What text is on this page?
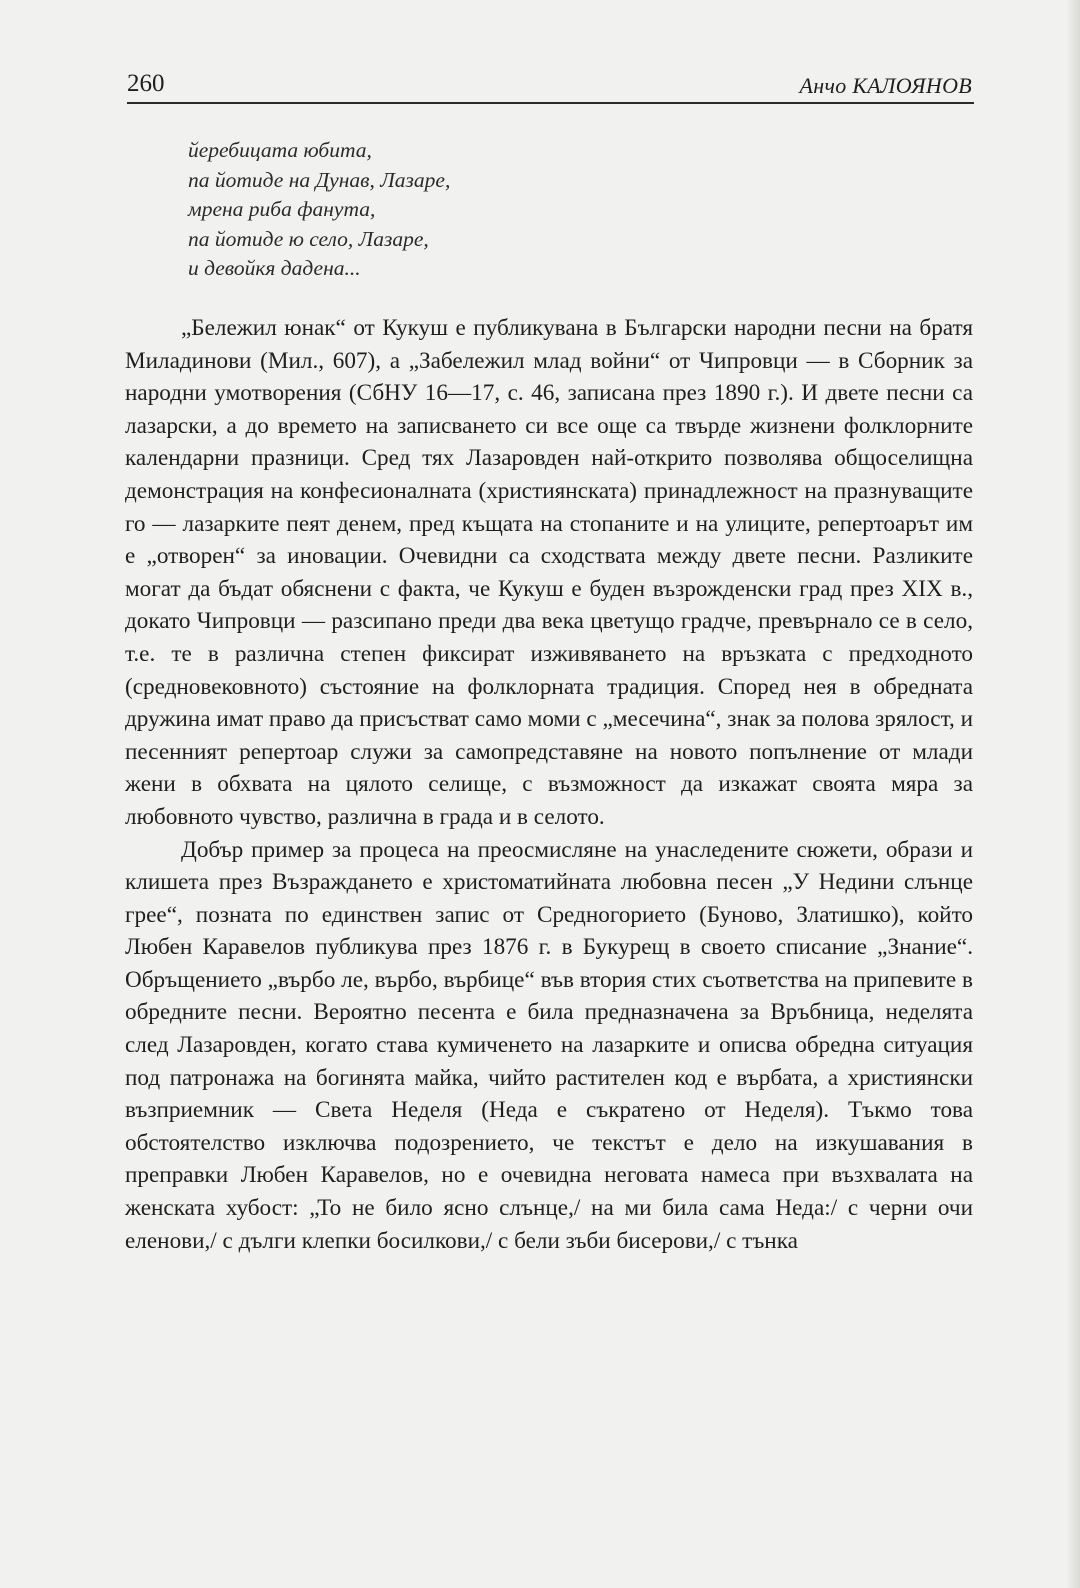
260	Анчо КАЛОЯНОВ
йеребицата юбита,
па йотиде на Дунав, Лазаре,
мрена риба фанута,
па йотиде ю село, Лазаре,
и девойкя дадена...

„Бележил юнак“ от Кукуш е публикувана в Български народни песни на братя Миладинови (Мил., 607), а „Забележил млад войни“ от Чипровци — в Сборник за народни умотворения (СбНУ 16—17, с. 46, записана през 1890 г.). И двете песни са лазарски, а до времето на записването си все още са твърде жизнени фолклорните календарни празници. Сред тях Лазаровден най-открито позволява общоселищна демонстрация на конфесионалната (християнската) принадлежност на празнуващите го — лазарките пеят денем, пред къщата на стопаните и на улиците, репертоарът им е „отворен“ за иновации. Очевидни са сходствата между двете песни. Разликите могат да бъдат обяснени с факта, че Кукуш е буден възрожденски град през XIX в., докато Чипровци — разсипано преди два века цветущо градче, превърнало се в село, т.е. те в различна степен фиксират изживяването на връзката с предходното (средновековното) състояние на фолклорната традиция. Според нея в обредната дружина имат право да присъстват само моми с „месечина“, знак за полова зрялост, и песенният репертоар служи за самопредставяне на новото попълнение от млади жени в обхвата на цялото селище, с възможност да изкажат своята мяра за любовното чувство, различна в града и в селото.

Добър пример за процеса на преосмисляне на унаследените сюжети, образи и клишета през Възраждането е христоматийната любовна песен „У Недини слънце грее“, позната по единствен запис от Средногорието (Буново, Златишко), който Любен Каравелов публикува през 1876 г. в Букурещ в своето списание „Знание“. Обръщението „върбо ле, върбо, върбице“ във втория стих съответства на припевите в обредните песни. Вероятно песента е била предназначена за Връбница, неделята след Лазаровден, когато става кумиченето на лазарките и описва обредна ситуация под патронажа на богинята майка, чийто растителен код е върбата, а християнски възприемник — Света Неделя (Неда е съкратено от Неделя). Тъкмо това обстоятелство изключва подозрението, че текстът е дело на изкушавания в преправки Любен Каравелов, но е очевидна неговата намеса при възхвалата на женската хубост: „То не било ясно слънце,/ на ми била сама Неда:/ с черни очи еленови,/ с дълги клепки босилкови,/ с бели зъби бисерови,/ с тънка
